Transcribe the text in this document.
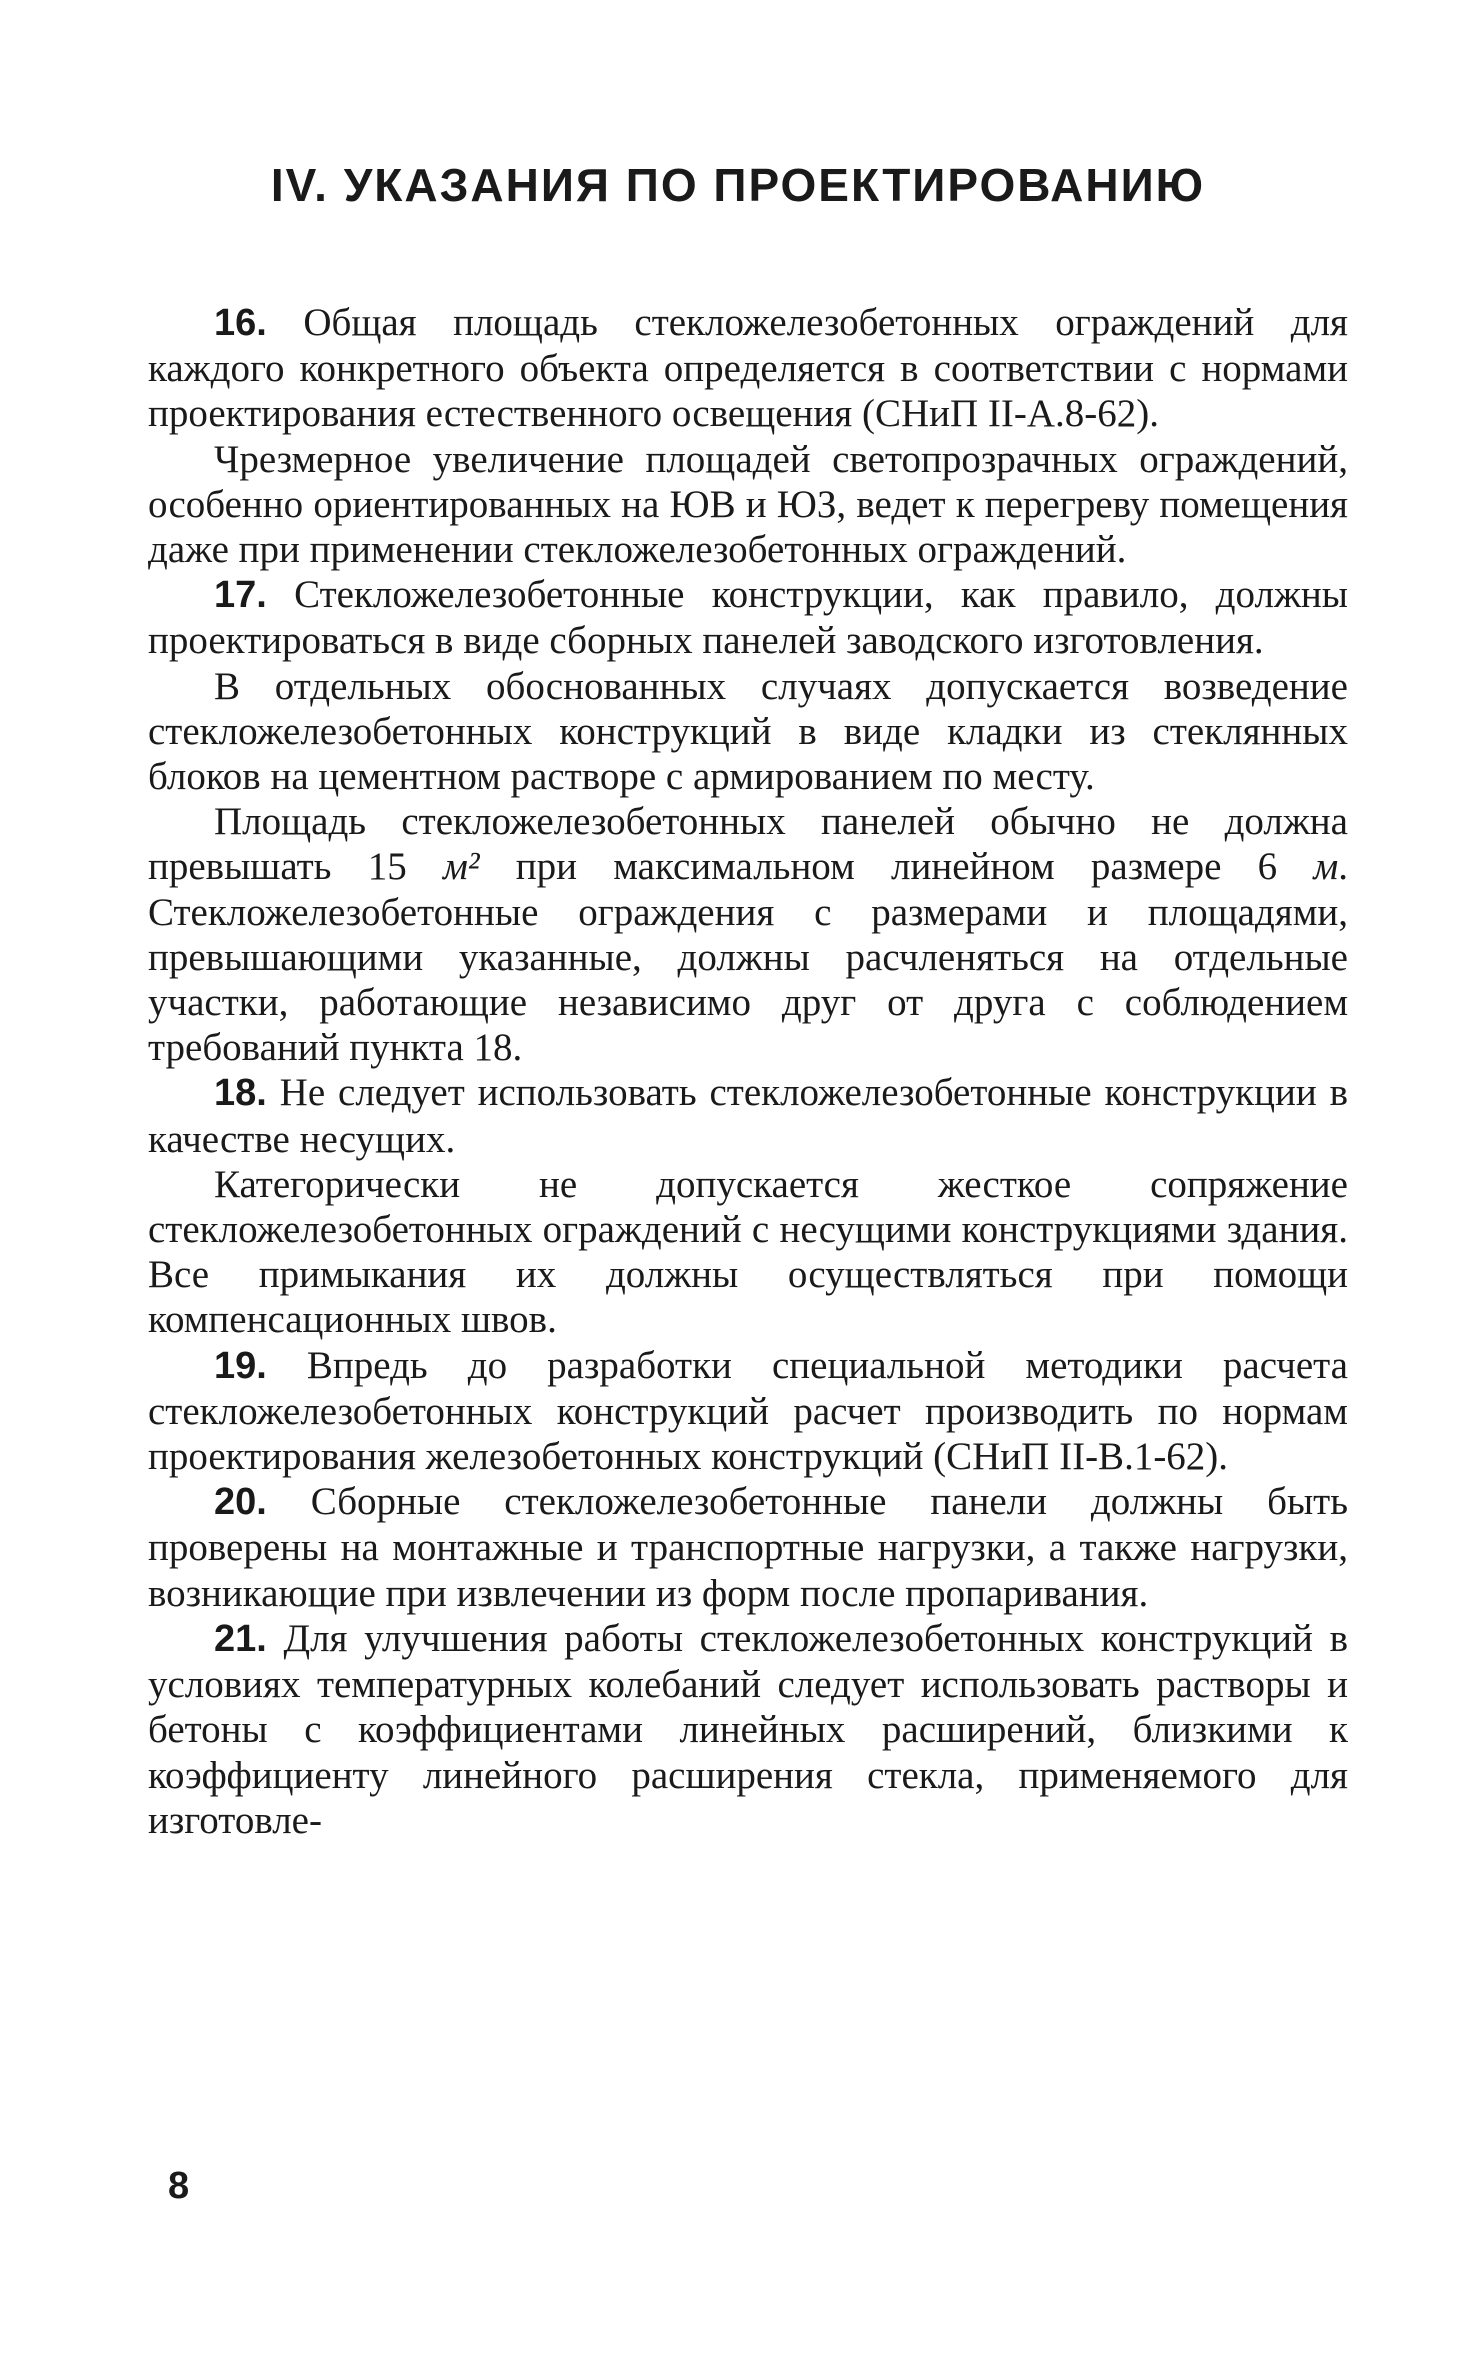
IV. УКАЗАНИЯ ПО ПРОЕКТИРОВАНИЮ

16. Общая площадь стекложелезобетонных ограждений для каждого конкретного объекта определяется в соответствии с нормами проектирования естественного освещения (СНиП II-А.8-62).

Чрезмерное увеличение площадей светопрозрачных ограждений, особенно ориентированных на ЮВ и ЮЗ, ведет к перегреву помещения даже при применении стекложелезобетонных ограждений.

17. Стекложелезобетонные конструкции, как правило, должны проектироваться в виде сборных панелей заводского изготовления.

В отдельных обоснованных случаях допускается возведение стекложелезобетонных конструкций в виде кладки из стеклянных блоков на цементном растворе с армированием по месту.

Площадь стекложелезобетонных панелей обычно не должна превышать 15 м² при максимальном линейном размере 6 м. Стекложелезобетонные ограждения с размерами и площадями, превышающими указанные, должны расчленяться на отдельные участки, работающие независимо друг от друга с соблюдением требований пункта 18.

18. Не следует использовать стекложелезобетонные конструкции в качестве несущих.

Категорически не допускается жесткое сопряжение стекложелезобетонных ограждений с несущими конструкциями здания. Все примыкания их должны осуществляться при помощи компенсационных швов.

19. Впредь до разработки специальной методики расчета стекложелезобетонных конструкций расчет производить по нормам проектирования железобетонных конструкций (СНиП II-В.1-62).

20. Сборные стекложелезобетонные панели должны быть проверены на монтажные и транспортные нагрузки, а также нагрузки, возникающие при извлечении из форм после пропаривания.

21. Для улучшения работы стекложелезобетонных конструкций в условиях температурных колебаний следует использовать растворы и бетоны с коэффициентами линейных расширений, близкими к коэффициенту линейного расширения стекла, применяемого для изготовле-

8
